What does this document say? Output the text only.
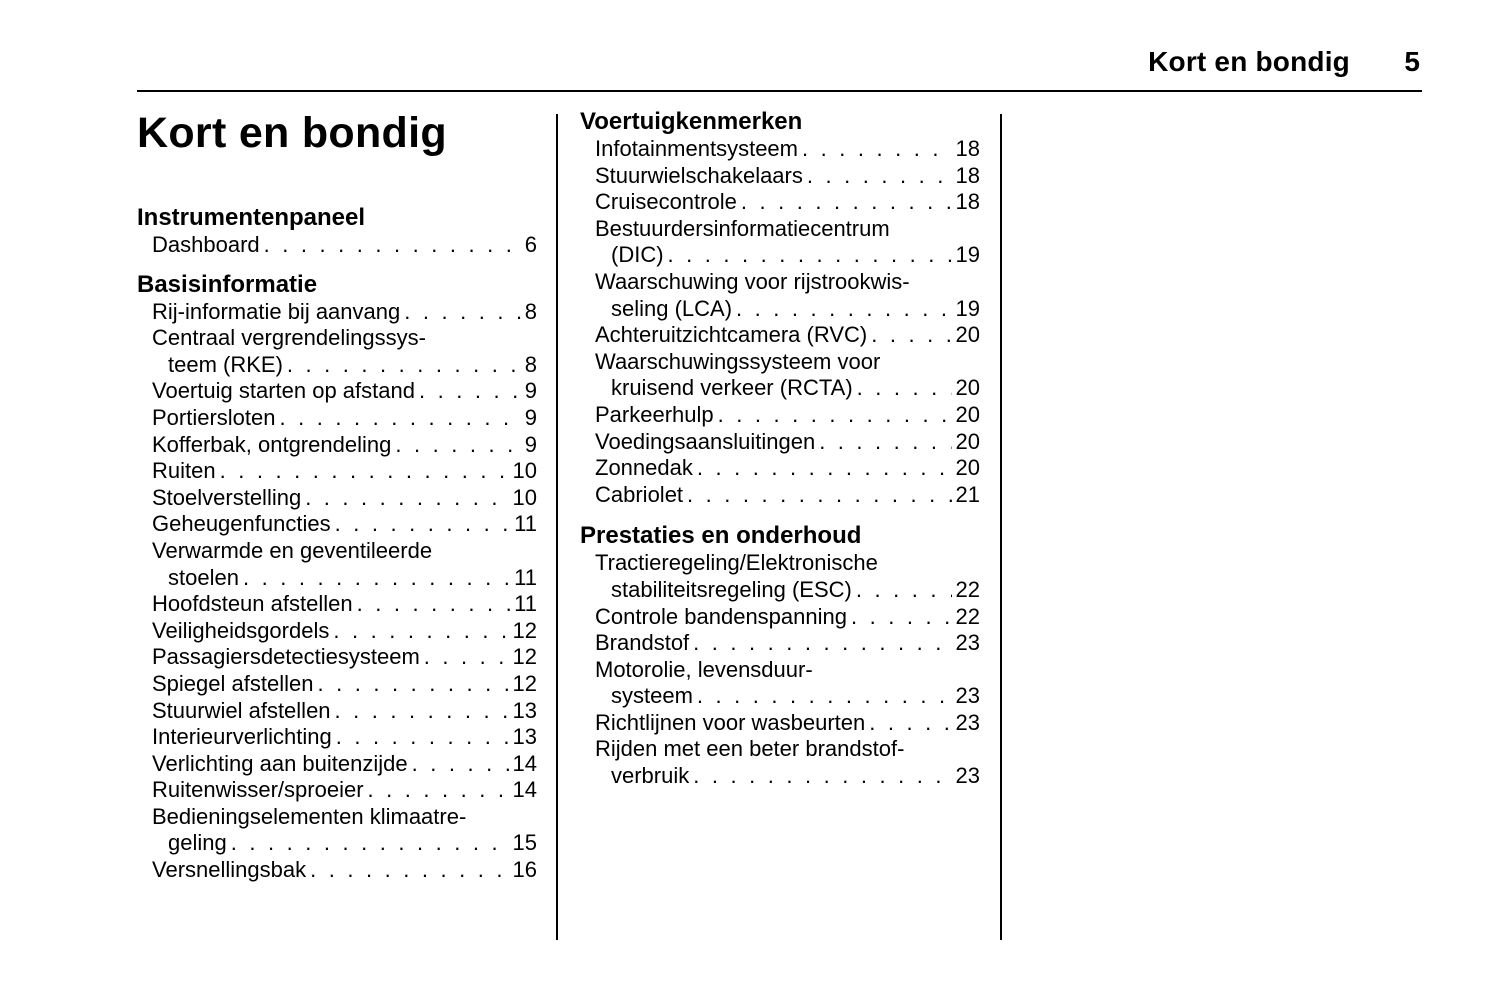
Kort en bondig 5
Kort en bondig
Instrumentenpaneel
Dashboard . . .	6
Basisinformatie
Rij-informatie bij aanvang . . .	8
Centraal vergrendelingssys-
teem (RKE) . . .	8
Voertuig starten op afstand . . .	9
Portiersloten . . .	9
Kofferbak, ontgrendeling . . .	9
Ruiten . . .	10
Stoelverstelling . . .	10
Geheugenfuncties . . .	11
Verwarmde en geventileerde
stoelen . . .	11
Hoofdsteun afstellen . . .	11
Veiligheidsgordels . . .	12
Passagiersdetectiesysteem . . .	12
Spiegel afstellen . . .	12
Stuurwiel afstellen . . .	13
Interieurverlichting . . .	13
Verlichting aan buitenzijde . . .	14
Ruitenwisser/sproeier . . .	14
Bedieningselementen klimaatre-
geling . . .	15
Versnellingsbak . . .	16
Voertuigkenmerken
Infotainmentsysteem . . .	18
Stuurwielschakelaars . . .	18
Cruisecontrole . . .	18
Bestuurdersinformatiecentrum
(DIC) . . .	19
Waarschuwing voor rijstrookwis-
seling (LCA) . . .	19
Achteruitzichtcamera (RVC) . . .	20
Waarschuwingssysteem voor
kruisend verkeer (RCTA) . . .	20
Parkeerhulp . . .	20
Voedingsaansluitingen . . .	20
Zonnedak . . .	20
Cabriolet . . .	21
Prestaties en onderhoud
Tractieregeling/Elektronische
stabiliteitsregeling (ESC) . . .	22
Controle bandenspanning . . .	22
Brandstof . . .	23
Motorolie, levensduur-
systeem . . .	23
Richtlijnen voor wasbeurten . . .	23
Rijden met een beter brandstof-
verbruik . . .	23
